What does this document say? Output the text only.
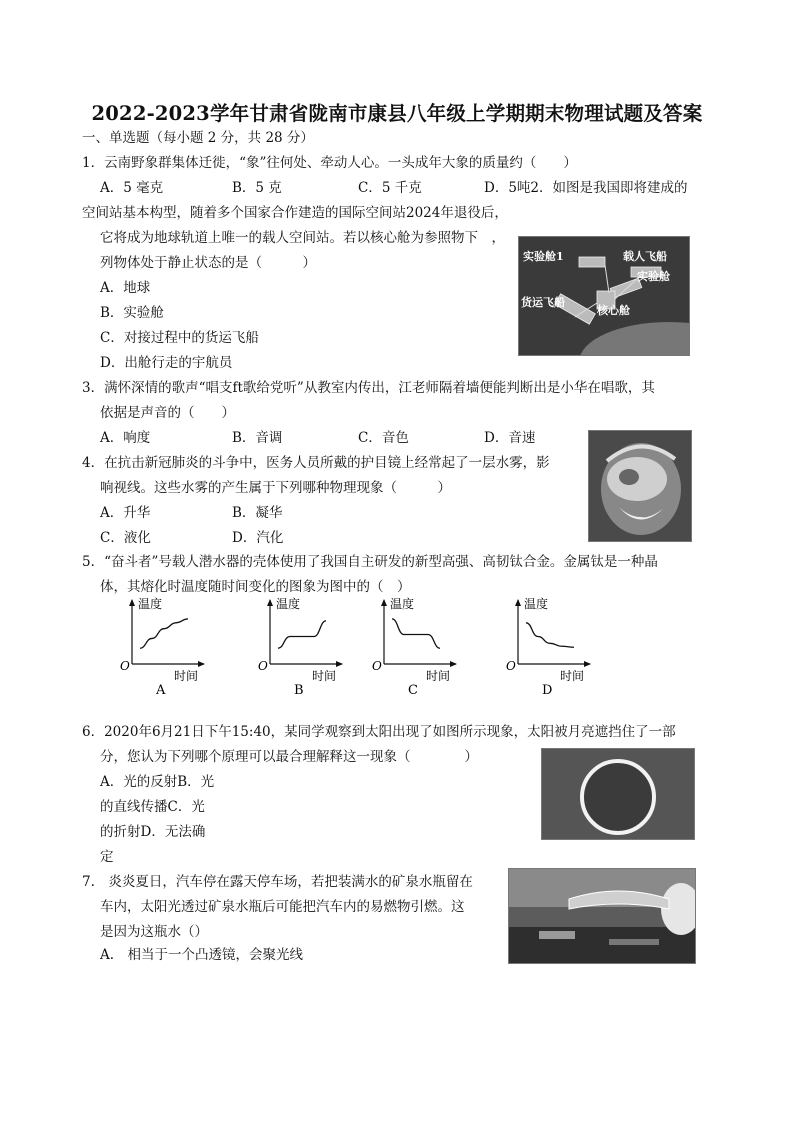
2022-2023学年甘肃省陇南市康县八年级上学期期末物理试题及答案
一、单选题（每小题 2 分，共 28 分）
1．云南野象群集体迁徙，“象”往何处、牵动人心。一头成年大象的质量约（　　）
A．5 毫克	B．5 克	C．5 千克	D．5吨2．如图是我国即将建成的
空间站基本构型，随着多个国家合作建造的国际空间站2024年退役后，
它将成为地球轨道上唯一的载人空间站。若以核心舱为参照物下　，
列物体处于静止状态的是（　　　）
A．地球
B．实验舱
C．对接过程中的货运飞船
D．出舱行走的宇航员
实验舱1	载人飞船
实验舱
货运飞船
核心舱
3．满怀深情的歌声“唱支ft歌给党听”从教室内传出，江老师隔着墙便能判断出是小华在唱歌，其
依据是声音的（　　）
A．响度	B．音调	C．音色	D．音速
4．在抗击新冠肺炎的斗争中，医务人员所戴的护目镜上经常起了一层水雾，影
响视线。这些水雾的产生属于下列哪种物理现象（　　　）
A．升华	B．凝华
C．液化	D．汽化
5．“奋斗者”号载人潜水器的壳体使用了我国自主研发的新型高强、高韧钛合金。金属钛是一种晶
体，其熔化时温度随时间变化的图象为图中的（　）
温度
时间
O
A
温度
时间
O
B
温度
时间
O
C
温度
时间
O
D
6．2020年6月21日下午15:40，某同学观察到太阳出现了如图所示现象，太阳被月亮遮挡住了一部
分，您认为下列哪个原理可以最合理解释这一现象（　　　　）
A．光的反射B．光
的直线传播C．光
的折射D．无法确
定
7.　炎炎夏日，汽车停在露天停车场，若把装满水的矿泉水瓶留在
车内，太阳光透过矿泉水瓶后可能把汽车内的易燃物引燃。这
是因为这瓶水（）
A.　相当于一个凸透镜，会聚光线
